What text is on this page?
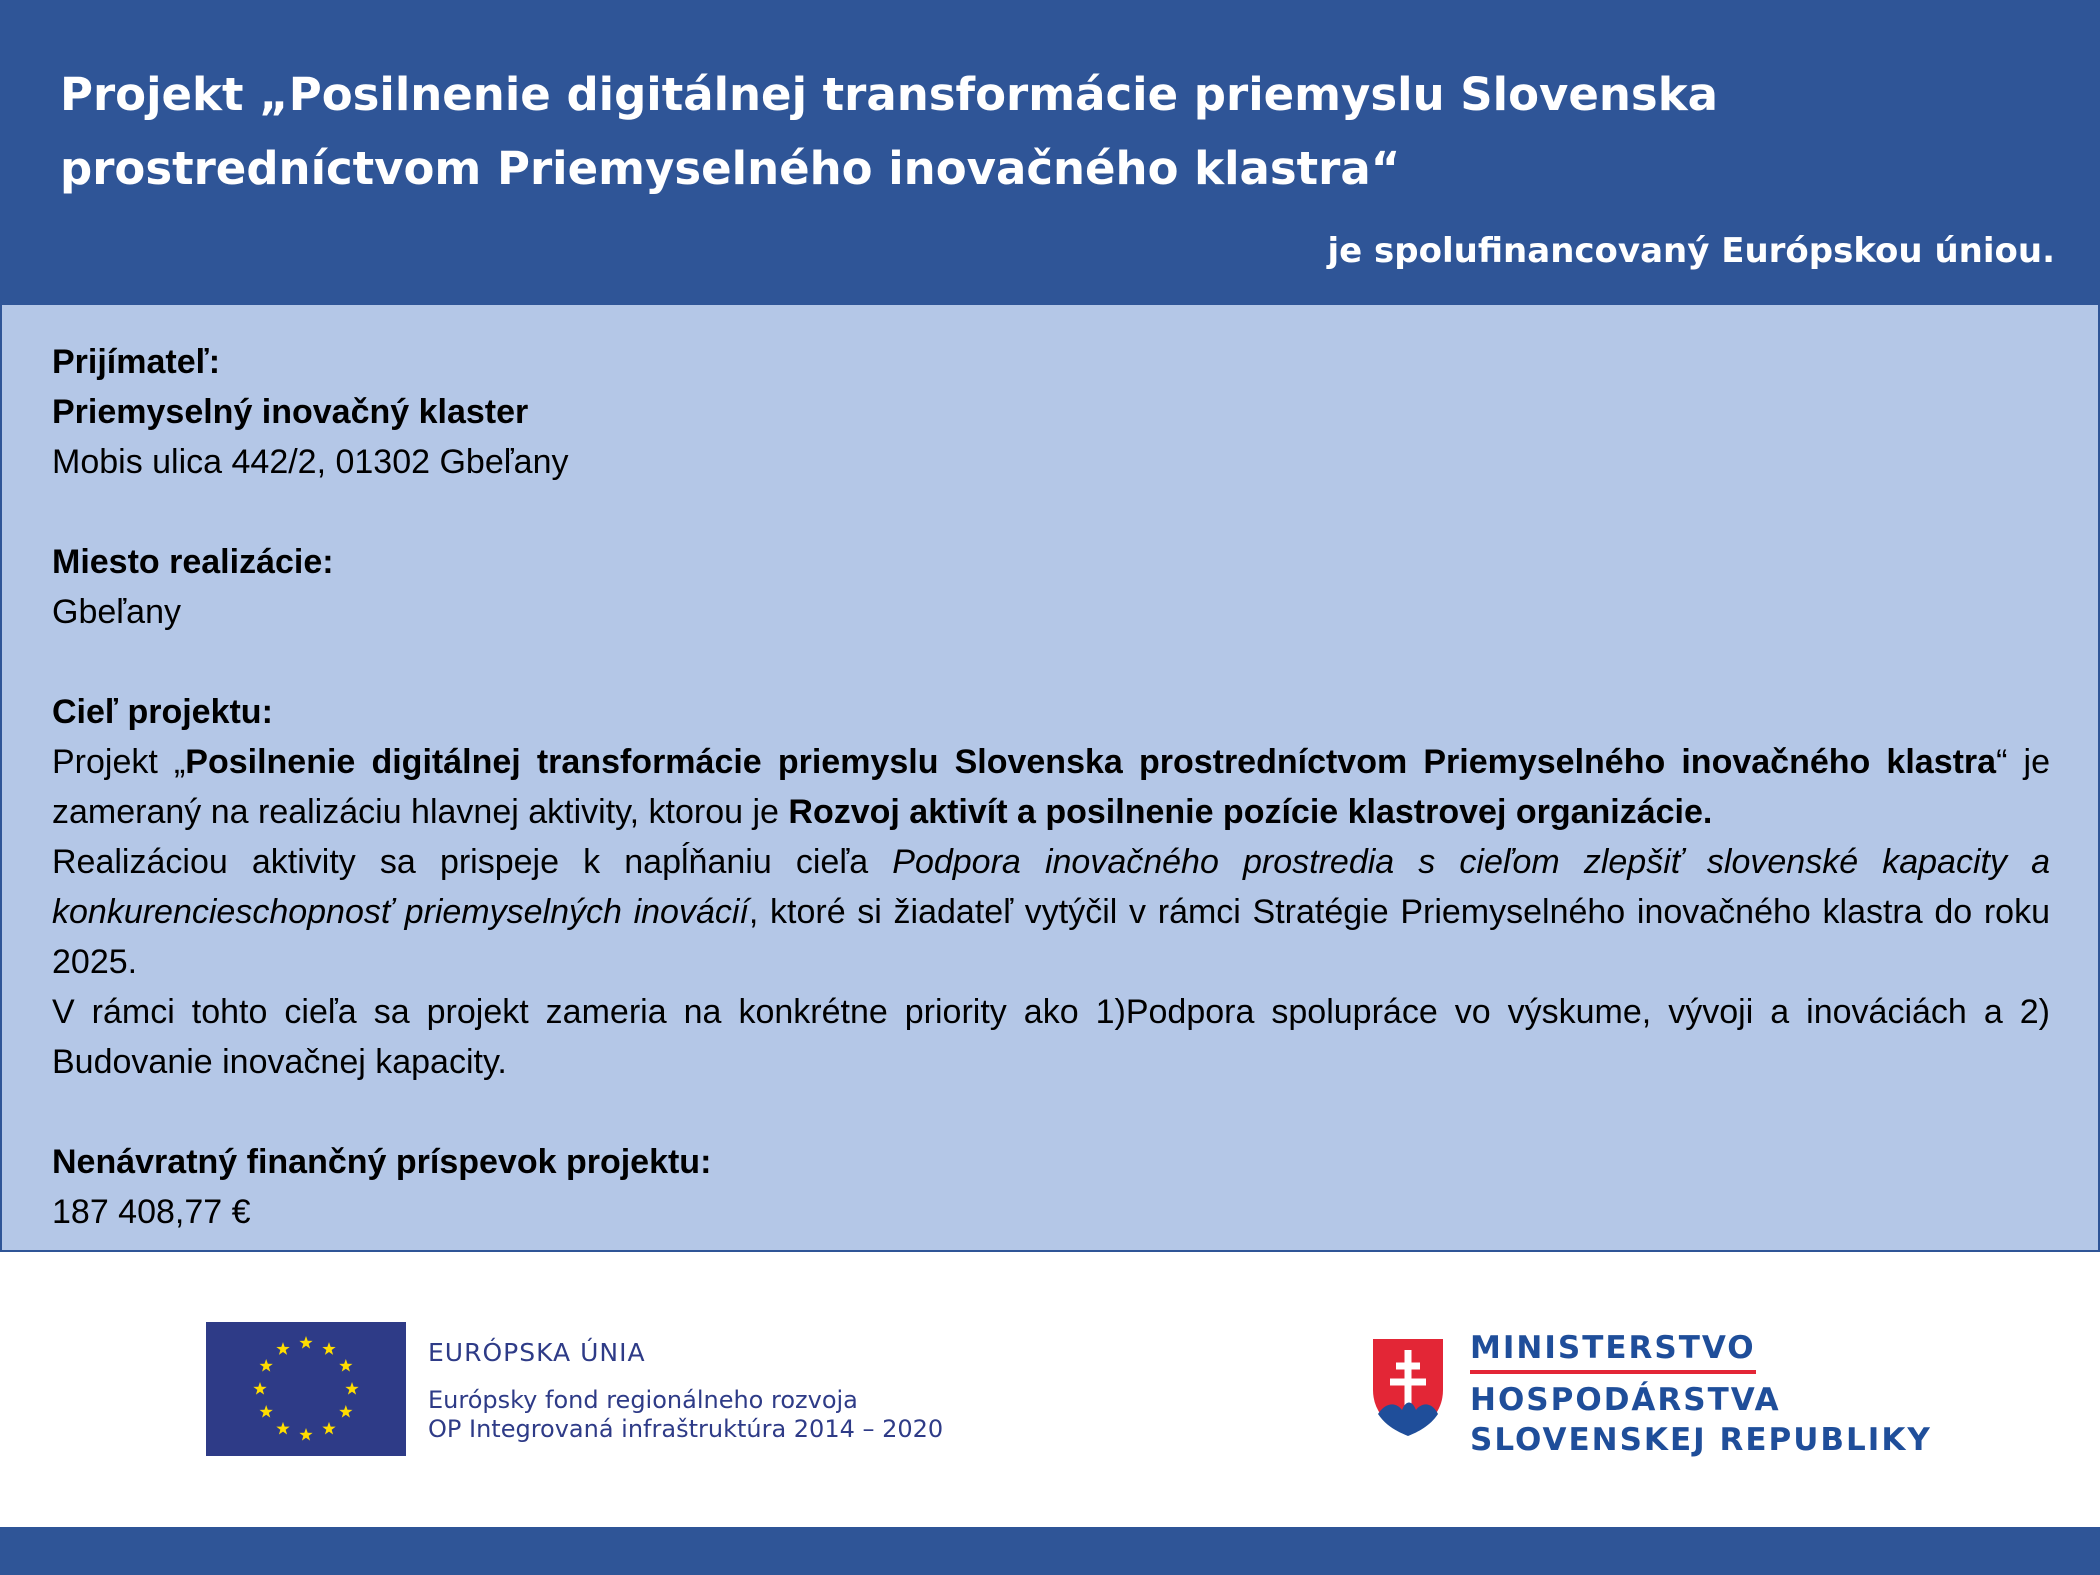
Projekt „Posilnenie digitálnej transformácie priemyslu Slovenska prostredníctvom Priemyselného inovačného klastra“

je spolufinancovaný Európskou úniou.

Prijímateľ:

Priemyselný inovačný klaster

Mobis ulica 442/2, 01302 Gbeľany

Miesto realizácie:

Gbeľany

Cieľ projektu:

Projekt „Posilnenie digitálnej transformácie priemyslu Slovenska prostredníctvom Priemyselného inovačného klastra“ je zameraný na realizáciu hlavnej aktivity, ktorou je Rozvoj aktivít a posilnenie pozície klastrovej organizácie.

Realizáciou aktivity sa prispeje k napĺňaniu cieľa Podpora inovačného prostredia s cieľom zlepšiť slovenské kapacity a konkurencieschopnosť priemyselných inovácií, ktoré si žiadateľ vytýčil v rámci Stratégie Priemyselného inovačného klastra do roku 2025.

V rámci tohto cieľa sa projekt zameria na konkrétne priority ako 1)Podpora spolupráce vo výskume, vývoji a inováciách a 2) Budovanie inovačnej kapacity.

Nenávratný finančný príspevok projektu:

187 408,77 €

EURÓPSKA ÚNIA
Európsky fond regionálneho rozvoja
OP Integrovaná infraštruktúra 2014 – 2020
MINISTERSTVO
HOSPODÁRSTVA
SLOVENSKEJ REPUBLIKY
